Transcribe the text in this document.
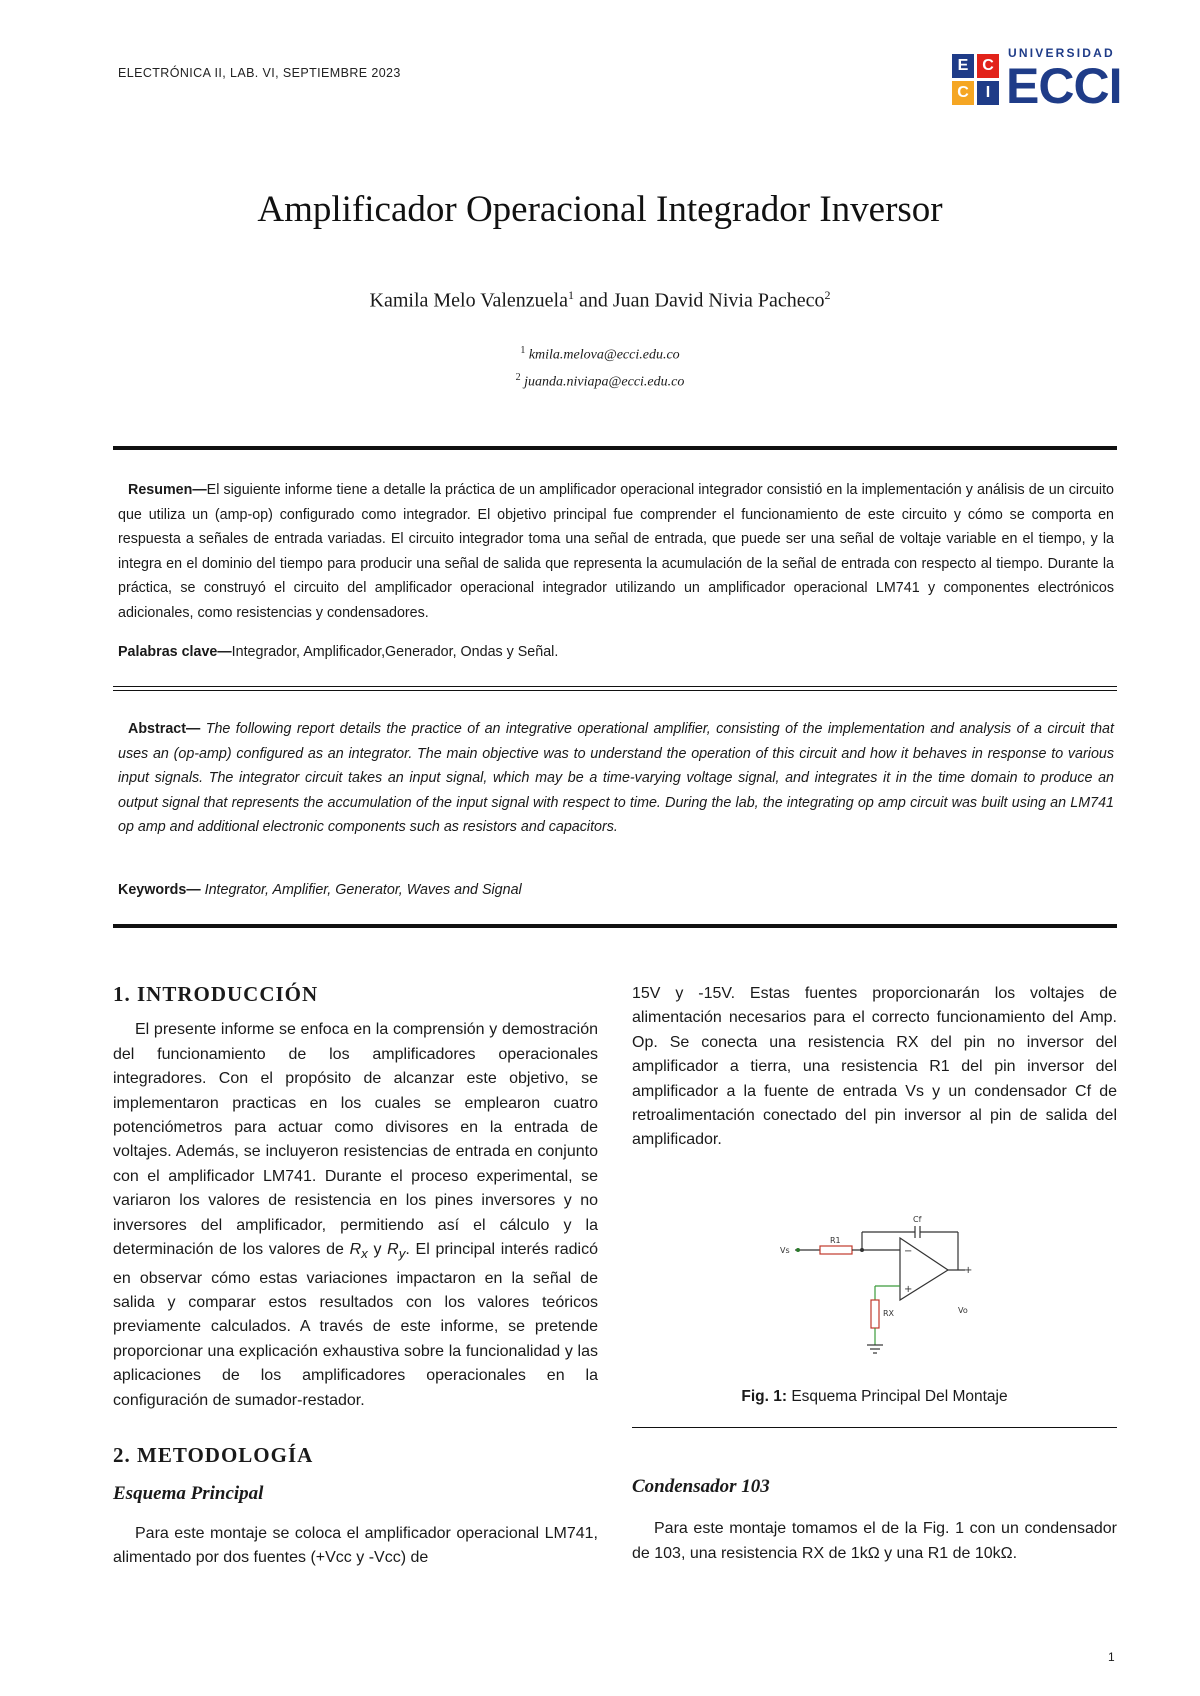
ELECTRÓNICA II, LAB. VI, SEPTIEMBRE 2023
UNIVERSIDAD
E C
C	I ECCI
Amplificador Operacional Integrador Inversor
Kamila Melo Valenzuela$^1$ and Juan David Nivia Pacheco$^2$
$^1$ kmila.melova@ecci.edu.co
$^2$ juanda.niviapa@ecci.edu.co
Resumen—El siguiente informe tiene a detalle la práctica de un amplificador operacional integrador consistió en la implementación y análisis de un circuito que utiliza un (amp-op) configurado como integrador. El objetivo principal fue comprender el funcionamiento de este circuito y cómo se comporta en respuesta a señales de entrada variadas. El circuito integrador toma una señal de entrada, que puede ser una señal de voltaje variable en el tiempo, y la integra en el dominio del tiempo para producir una señal de salida que representa la acumulación de la señal de entrada con respecto al tiempo. Durante la práctica, se construyó el circuito del amplificador operacional integrador utilizando un amplificador operacional LM741 y componentes electrónicos adicionales, como resistencias y condensadores.
Palabras clave—Integrador, Amplificador,Generador, Ondas y Señal.
Abstract— The following report details the practice of an integrative operational amplifier, consisting of the implementation and analysis of a circuit that uses an (op-amp) configured as an integrator. The main objective was to understand the operation of this circuit and how it behaves in response to various input signals. The integrator circuit takes an input signal, which may be a time-varying voltage signal, and integrates it in the time domain to produce an output signal that represents the accumulation of the input signal with respect to time. During the lab, the integrating op amp circuit was built using an LM741 op amp and additional electronic components such as resistors and capacitors.
Keywords— Integrator, Amplifier, Generator, Waves and Signal
1. INTRODUCCIÓN

El presente informe se enfoca en la comprensión y demostración del funcionamiento de los amplificadores operacionales integradores. Con el propósito de alcanzar este objetivo, se implementaron practicas en los cuales se emplearon cuatro potenciómetros para actuar como divisores en la entrada de voltajes. Además, se incluyeron resistencias de entrada en conjunto con el amplificador LM741. Durante el proceso experimental, se variaron los valores de resistencia en los pines inversores y no inversores del amplificador, permitiendo así el cálculo y la determinación de los valores de $R_x$ y $R_y$. El principal interés radicó en observar cómo estas variaciones impactaron en la señal de salida y comparar estos resultados con los valores teóricos previamente calculados. A través de este informe, se pretende proporcionar una explicación exhaustiva sobre la funcionalidad y las aplicaciones de los amplificadores operacionales en la configuración de sumador-restador.

2. METODOLOGÍA
Esquema Principal

Para este montaje se coloca el amplificador operacional LM741, alimentado por dos fuentes (+Vcc y -Vcc) de

15V y -15V. Estas fuentes proporcionarán los voltajes de alimentación necesarios para el correcto funcionamiento del Amp. Op. Se conecta una resistencia RX del pin no inversor del amplificador a tierra, una resistencia R1 del pin inversor del amplificador a la fuente de entrada Vs y un condensador Cf de retroalimentación conectado del pin inversor al pin de salida del amplificador.

Cf
Vs
R1
RX	Vo
−
+
+
Fig. 1: Esquema Principal Del Montaje
Condensador 103

Para este montaje tomamos el de la Fig. 1 con un condensador de 103, una resistencia RX de 1kΩ y una R1 de 10kΩ.

1
